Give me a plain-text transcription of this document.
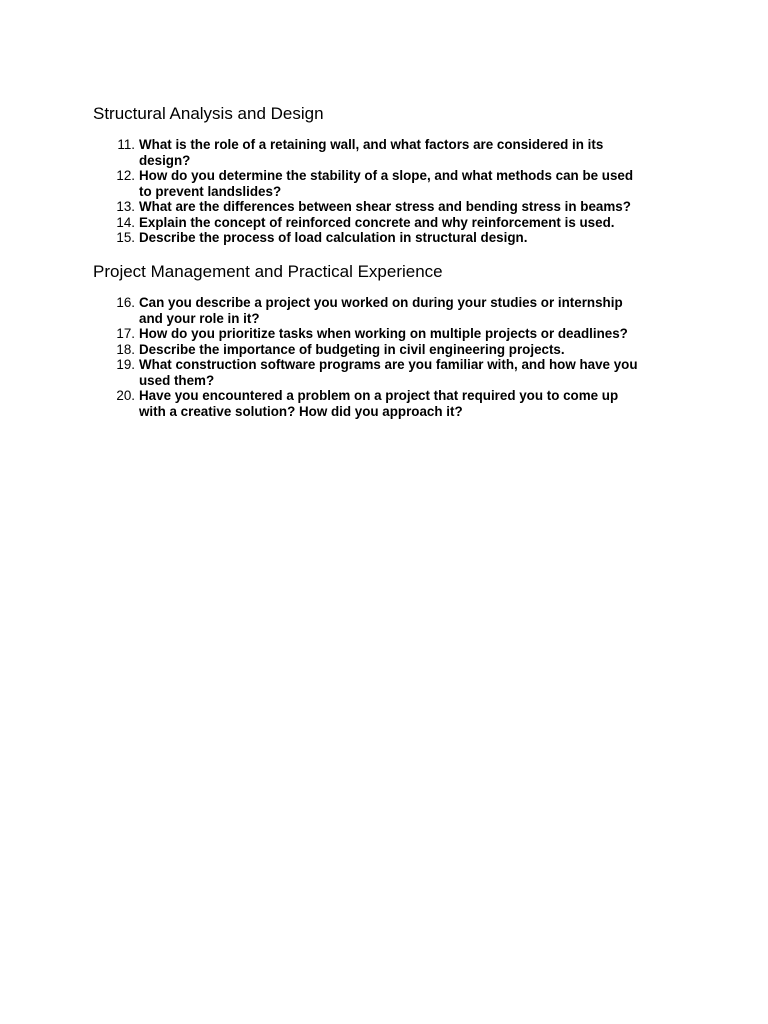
Structural Analysis and Design
11. What is the role of a retaining wall, and what factors are considered in its
design?
12. How do you determine the stability of a slope, and what methods can be used
to prevent landslides?
13. What are the differences between shear stress and bending stress in beams?
14. Explain the concept of reinforced concrete and why reinforcement is used.
15. Describe the process of load calculation in structural design.
Project Management and Practical Experience
16. Can you describe a project you worked on during your studies or internship
and your role in it?
17. How do you prioritize tasks when working on multiple projects or deadlines?
18. Describe the importance of budgeting in civil engineering projects.
19. What construction software programs are you familiar with, and how have you
used them?
20. Have you encountered a problem on a project that required you to come up
with a creative solution? How did you approach it?
